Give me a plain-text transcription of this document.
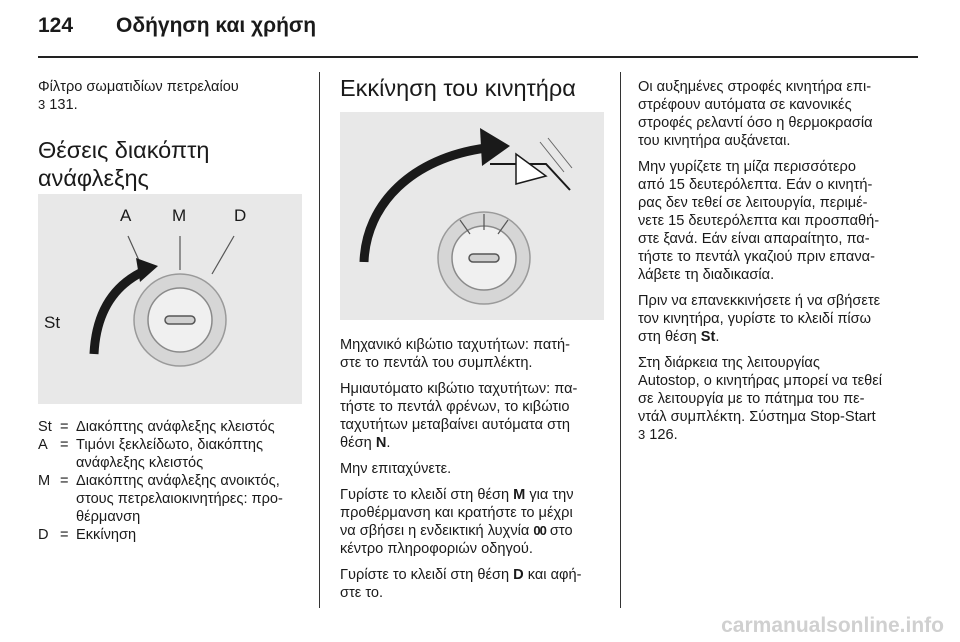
124 Οδήγηση και χρήση
Φίλτρο σωματιδίων πετρελαίου
3 131.
Θέσεις διακόπτη
ανάφλεξης
A M	D
St
St = Διακόπτης ανάφλεξης κλειστός
A = Τιμόνι ξεκλείδωτο, διακόπτης
ανάφλεξης κλειστός
M = Διακόπτης ανάφλεξης ανοικτός,
στους πετρελαιοκινητήρες: προ-
θέρμανση
D = Εκκίνηση
Εκκίνηση του κινητήρα

Μηχανικό κιβώτιο ταχυτήτων: πατή-
στε το πεντάλ του συμπλέκτη.

Ημιαυτόματο κιβώτιο ταχυτήτων: πα-
τήστε το πεντάλ φρένων, το κιβώτιο
ταχυτήτων μεταβαίνει αυτόματα στη
θέση N.

Μην επιταχύνετε.

Γυρίστε το κλειδί στη θέση M για την
προθέρμανση και κρατήστε το μέχρι
να σβήσει η ενδεικτική λυχνία 00 στο
κέντρο πληροφοριών οδηγού.

Γυρίστε το κλειδί στη θέση D και αφή-
στε το.

Οι αυξημένες στροφές κινητήρα επι-
στρέφουν αυτόματα σε κανονικές
στροφές ρελαντί όσο η θερμοκρασία
του κινητήρα αυξάνεται.

Μην γυρίζετε τη μίζα περισσότερο
από 15 δευτερόλεπτα. Εάν ο κινητή-
ρας δεν τεθεί σε λειτουργία, περιμέ-
νετε 15 δευτερόλεπτα και προσπαθή-
στε ξανά. Εάν είναι απαραίτητο, πα-
τήστε το πεντάλ γκαζιού πριν επανα-
λάβετε τη διαδικασία.

Πριν να επανεκκινήσετε ή να σβήσετε
τον κινητήρα, γυρίστε το κλειδί πίσω
στη θέση St.

Στη διάρκεια της λειτουργίας
Autostop, ο κινητήρας μπορεί να τεθεί
σε λειτουργία με το πάτημα του πε-
ντάλ συμπλέκτη. Σύστημα Stop-Start
3 126.

carmanualsonline.info
